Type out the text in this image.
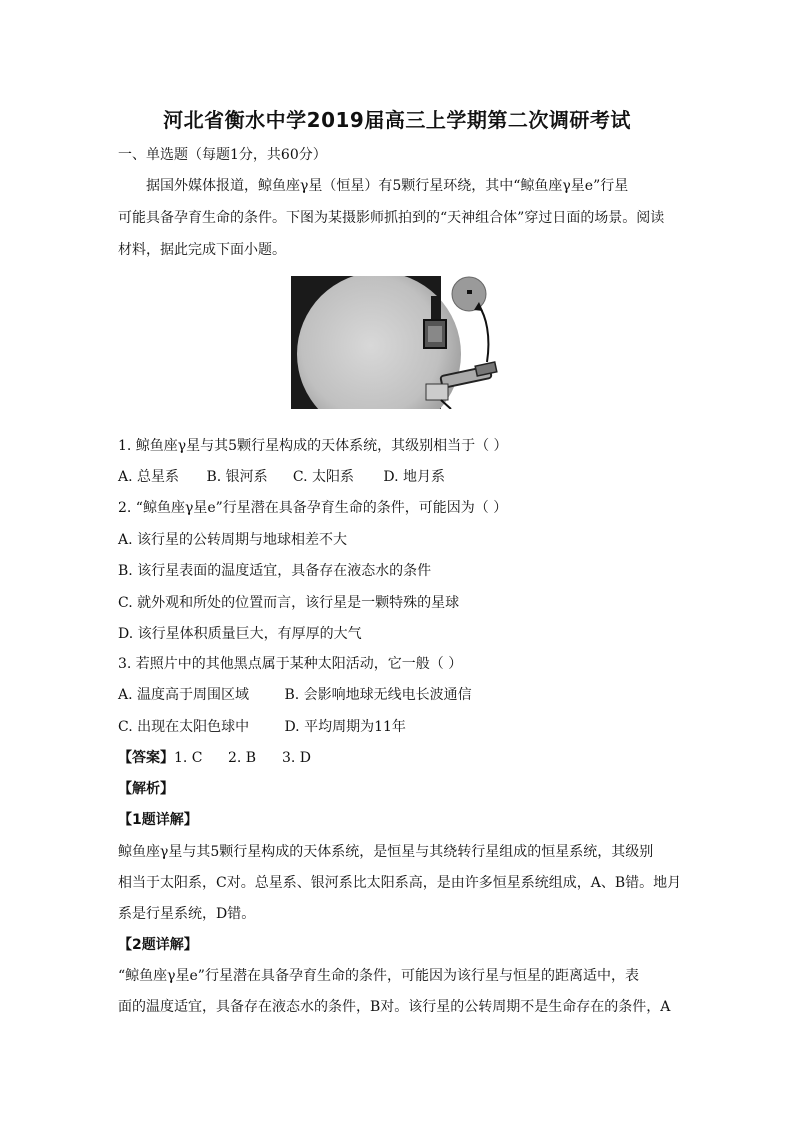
河北省衡水中学2019届高三上学期第二次调研考试
一、单选题（每题1分，共60分）
据国外媒体报道，鲸鱼座γ星（恒星）有5颗行星环绕，其中“鲸鱼座γ星e”行星
可能具备孕育生命的条件。下图为某摄影师抓拍到的“天神组合体”穿过日面的场景。阅读
材料，据此完成下面小题。
1. 鲸鱼座γ星与其5颗行星构成的天体系统，其级别相当于（ ）
A. 总星系 B. 银河系 C. 太阳系 D. 地月系
2. “鲸鱼座γ星e”行星潜在具备孕育生命的条件，可能因为（ ）
A. 该行星的公转周期与地球相差不大
B. 该行星表面的温度适宜，具备存在液态水的条件
C. 就外观和所处的位置而言，该行星是一颗特殊的星球
D. 该行星体积质量巨大，有厚厚的大气
3. 若照片中的其他黑点属于某种太阳活动，它一般（ ）
A. 温度高于周围区域	B. 会影响地球无线电长波通信
C. 出现在太阳色球中	D. 平均周期为11年
【答案】1. C 2. B 3. D
【解析】
【1题详解】
鲸鱼座γ星与其5颗行星构成的天体系统，是恒星与其绕转行星组成的恒星系统，其级别
相当于太阳系，C对。总星系、银河系比太阳系高，是由许多恒星系统组成，A、B错。地月
系是行星系统，D错。
【2题详解】
“鲸鱼座γ星e”行星潜在具备孕育生命的条件，可能因为该行星与恒星的距离适中，表
面的温度适宜，具备存在液态水的条件，B对。该行星的公转周期不是生命存在的条件，A
